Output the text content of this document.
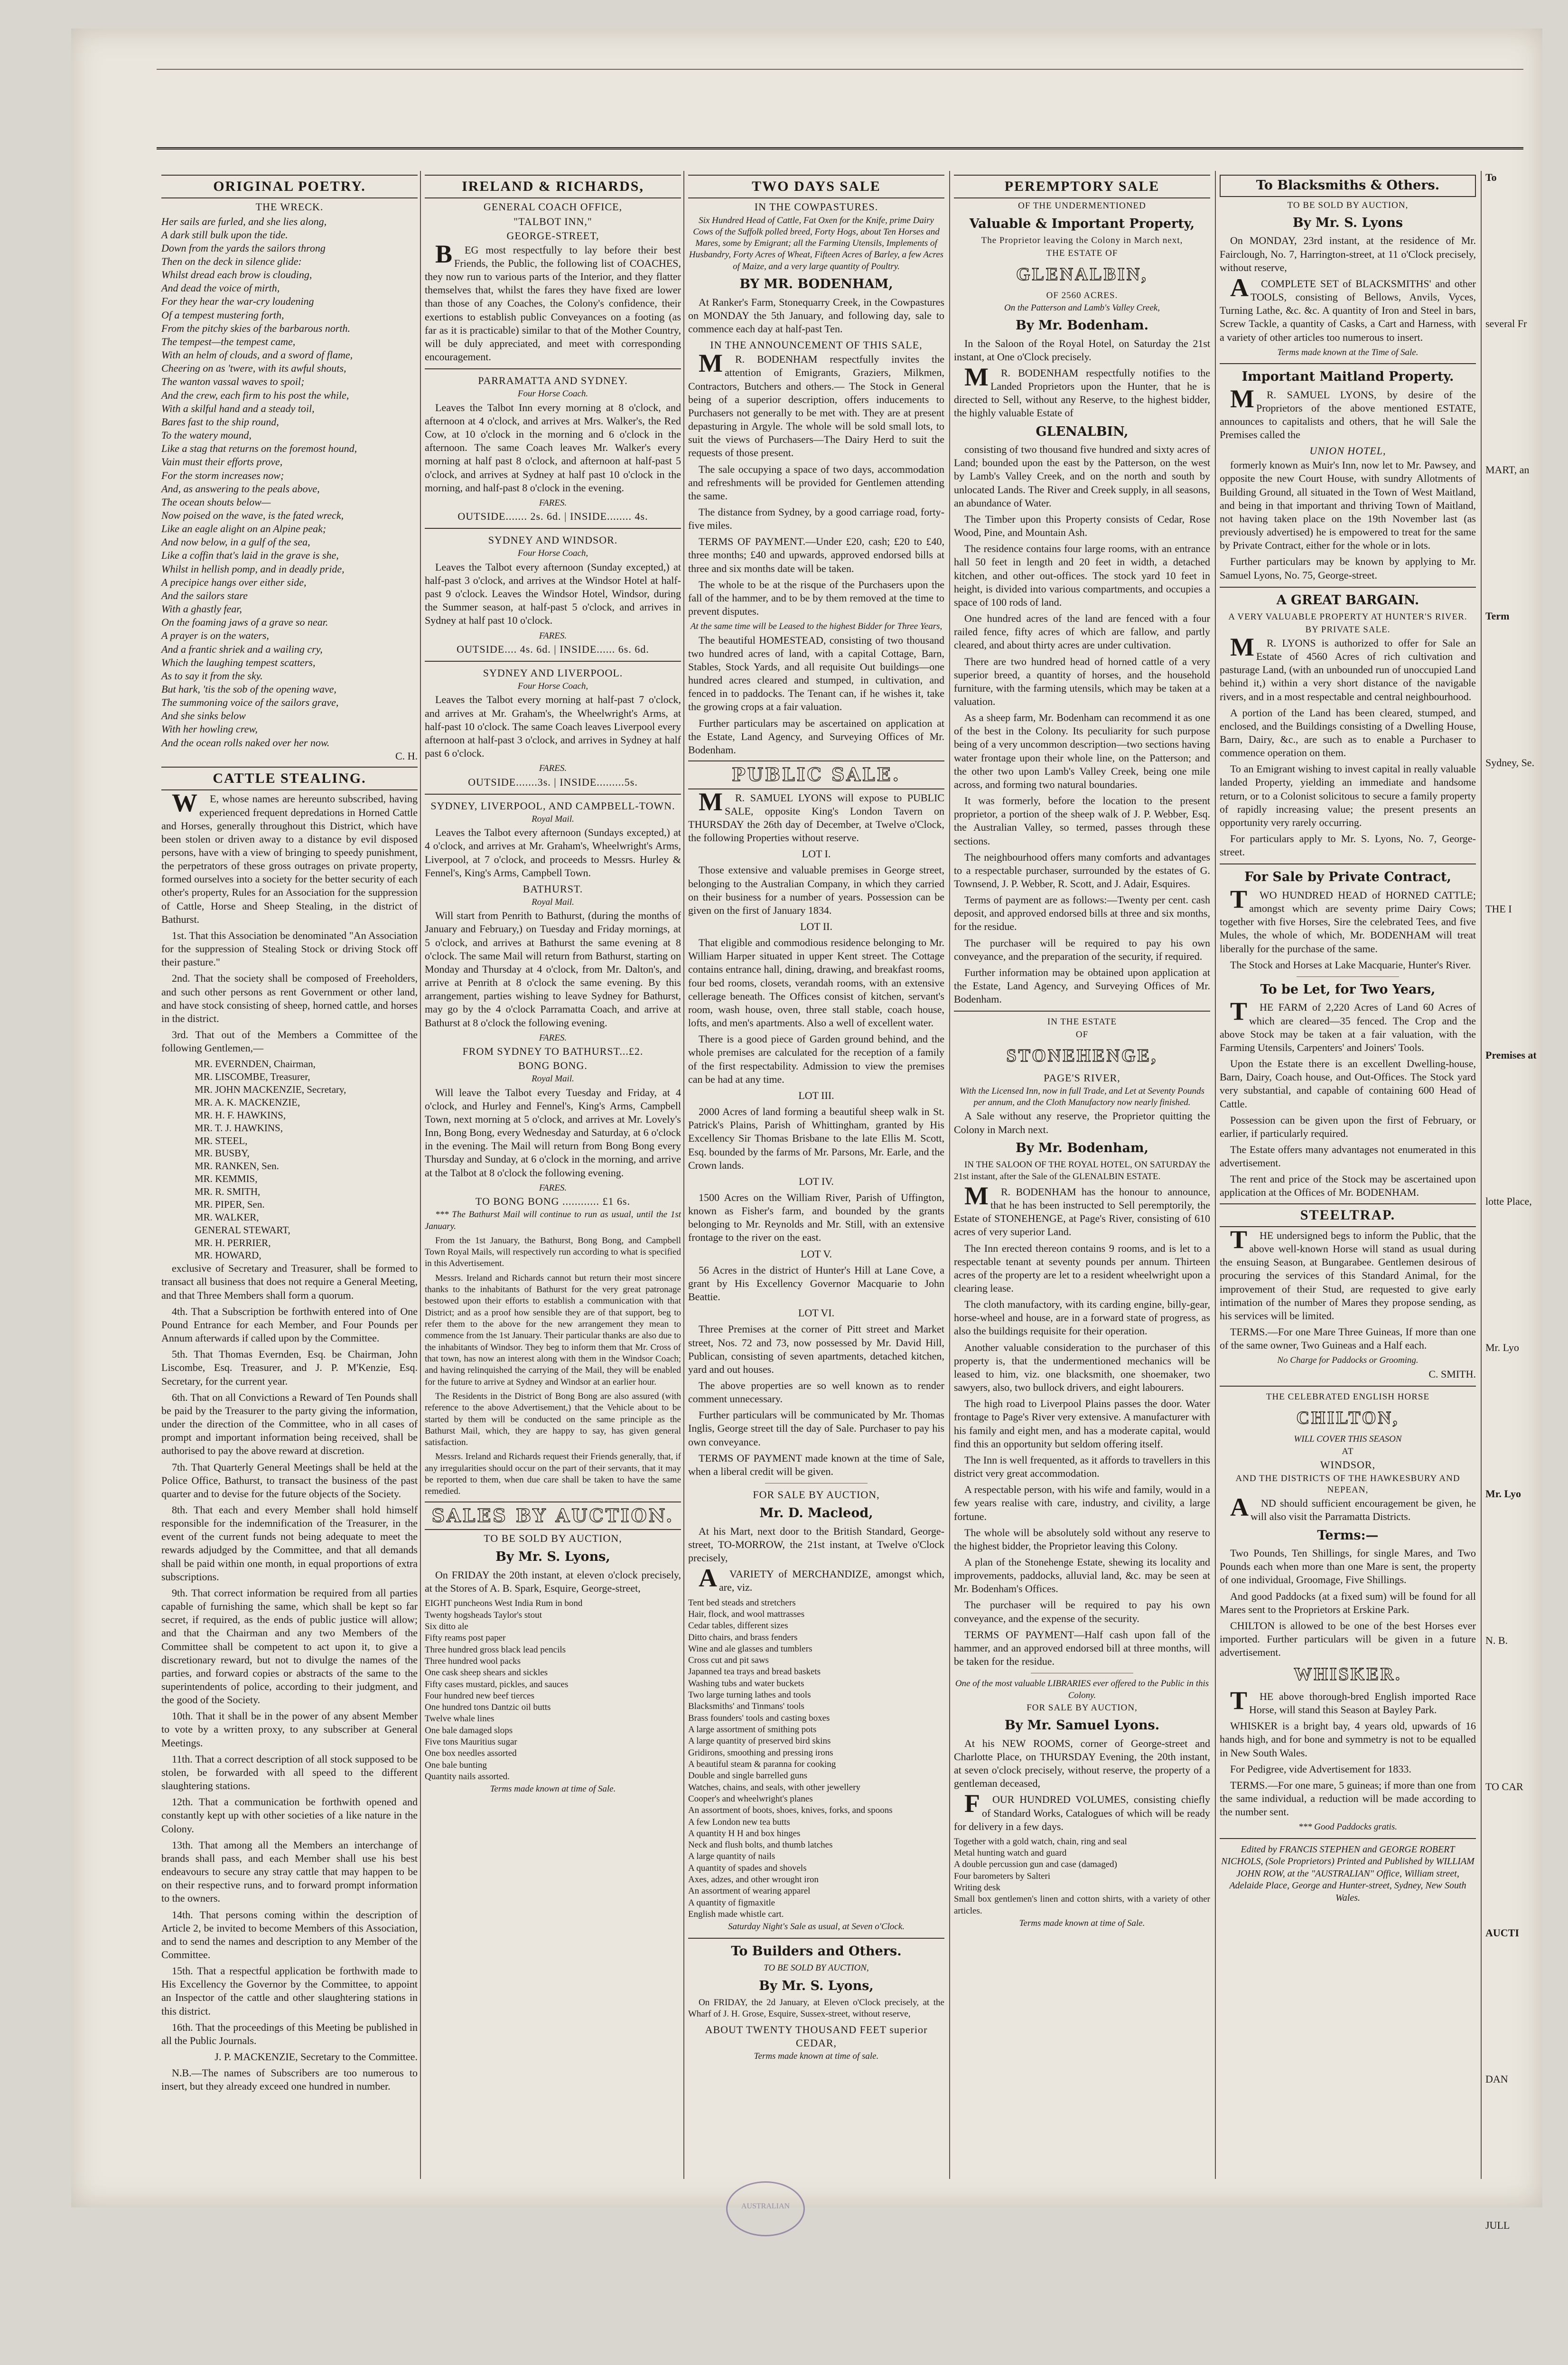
ORIGINAL POETRY.
THE WRECK.
Her sails are furled, and she lies along,
A dark still bulk upon the tide.
Down from the yards the sailors throng
Then on the deck in silence glide:
Whilst dread each brow is clouding,
And dead the voice of mirth,
For they hear the war-cry loudening
Of a tempest mustering forth,
From the pitchy skies of the barbarous north.
The tempest—the tempest came,
With an helm of clouds, and a sword of flame,
Cheering on as 'twere, with its awful shouts,
The wanton vassal waves to spoil;
And the crew, each firm to his post the while,
With a skilful hand and a steady toil,
Bares fast to the ship round,
To the watery mound,
Like a stag that returns on the foremost hound,
Vain must their efforts prove,
For the storm increases now;
And, as answering to the peals above,
The ocean shouts below—
Now poised on the wave, is the fated wreck,
Like an eagle alight on an Alpine peak;
And now below, in a gulf of the sea,
Like a coffin that's laid in the grave is she,
Whilst in hellish pomp, and in deadly pride,
A precipice hangs over either side,
And the sailors stare
With a ghastly fear,
On the foaming jaws of a grave so near.
A prayer is on the waters,
And a frantic shriek and a wailing cry,
Which the laughing tempest scatters,
As to say it from the sky.
But hark, 'tis the sob of the opening wave,
The summoning voice of the sailors grave,
And she sinks below
With her howling crew,
And the ocean rolls naked over her now.
C. H.
CATTLE STEALING.

WE, whose names are hereunto subscribed, having experienced frequent depredations in Horned Cattle and Horses, generally throughout this District, which have been stolen or driven away to a distance by evil disposed persons, have with a view of bringing to speedy punishment, the perpetrators of these gross outrages on private property, formed ourselves into a society for the better security of each other's property, Rules for an Association for the suppression of Cattle, Horse and Sheep Stealing, in the district of Bathurst.

1st. That this Association be denominated "An Association for the suppression of Stealing Stock or driving Stock off their pasture."

2nd. That the society shall be composed of Freeholders, and such other persons as rent Government or other land, and have stock consisting of sheep, horned cattle, and horses in the district.

3rd. That out of the Members a Committee of the following Gentlemen,—

MR. EVERNDEN, Chairman,
MR. LISCOMBE, Treasurer,
MR. JOHN MACKENZIE, Secretary,
MR. A. K. MACKENZIE,
MR. H. F. HAWKINS,
MR. T. J. HAWKINS,
MR. STEEL,
MR. BUSBY,
MR. RANKEN, Sen.
MR. KEMMIS,
MR. R. SMITH,
MR. PIPER, Sen.
MR. WALKER,
GENERAL STEWART,
MR. H. PERRIER,
MR. HOWARD,

exclusive of Secretary and Treasurer, shall be formed to transact all business that does not require a General Meeting, and that Three Members shall form a quorum.

4th. That a Subscription be forthwith entered into of One Pound Entrance for each Member, and Four Pounds per Annum afterwards if called upon by the Committee.

5th. That Thomas Evernden, Esq. be Chairman, John Liscombe, Esq. Treasurer, and J. P. M'Kenzie, Esq. Secretary, for the current year.

6th. That on all Convictions a Reward of Ten Pounds shall be paid by the Treasurer to the party giving the information, under the direction of the Committee, who in all cases of prompt and important information being received, shall be authorised to pay the above reward at discretion.

7th. That Quarterly General Meetings shall be held at the Police Office, Bathurst, to transact the business of the past quarter and to devise for the future objects of the Society.

8th. That each and every Member shall hold himself responsible for the indemnification of the Treasurer, in the event of the current funds not being adequate to meet the rewards adjudged by the Committee, and that all demands shall be paid within one month, in equal proportions of extra subscriptions.

9th. That correct information be required from all parties capable of furnishing the same, which shall be kept so far secret, if required, as the ends of public justice will allow; and that the Chairman and any two Members of the Committee shall be competent to act upon it, to give a discretionary reward, but not to divulge the names of the parties, and forward copies or abstracts of the same to the superintendents of police, according to their judgment, and the good of the Society.

10th. That it shall be in the power of any absent Member to vote by a written proxy, to any subscriber at General Meetings.

11th. That a correct description of all stock supposed to be stolen, be forwarded with all speed to the different slaughtering stations.

12th. That a communication be forthwith opened and constantly kept up with other societies of a like nature in the Colony.

13th. That among all the Members an interchange of brands shall pass, and each Member shall use his best endeavours to secure any stray cattle that may happen to be on their respective runs, and to forward prompt information to the owners.

14th. That persons coming within the description of Article 2, be invited to become Members of this Association, and to send the names and description to any Member of the Committee.

15th. That a respectful application be forthwith made to His Excellency the Governor by the Committee, to appoint an Inspector of the cattle and other slaughtering stations in this district.

16th. That the proceedings of this Meeting be published in all the Public Journals.

J. P. MACKENZIE, Secretary to the Committee.

N.B.—The names of Subscribers are too numerous to insert, but they already exceed one hundred in number.

IRELAND & RICHARDS,
GENERAL COACH OFFICE,
"TALBOT INN,"
GEORGE-STREET,

BEG most respectfully to lay before their best Friends, the Public, the following list of COACHES, they now run to various parts of the Interior, and they flatter themselves that, whilst the fares they have fixed are lower than those of any Coaches, the Colony's confidence, their exertions to establish public Conveyances on a footing (as far as it is practicable) similar to that of the Mother Country, will be duly appreciated, and meet with corresponding encouragement.

PARRAMATTA AND SYDNEY.
Four Horse Coach.

Leaves the Talbot Inn every morning at 8 o'clock, and afternoon at 4 o'clock, and arrives at Mrs. Walker's, the Red Cow, at 10 o'clock in the morning and 6 o'clock in the afternoon. The same Coach leaves Mr. Walker's every morning at half past 8 o'clock, and afternoon at half-past 5 o'clock, and arrives at Sydney at half past 10 o'clock in the morning, and half-past 8 o'clock in the evening.

FARES.
OUTSIDE....... 2s. 6d. | INSIDE........ 4s.
SYDNEY AND WINDSOR.
Four Horse Coach,

Leaves the Talbot every afternoon (Sunday excepted,) at half-past 3 o'clock, and arrives at the Windsor Hotel at half-past 9 o'clock. Leaves the Windsor Hotel, Windsor, during the Summer season, at half-past 5 o'clock, and arrives in Sydney at half past 10 o'clock.

FARES.
OUTSIDE.... 4s. 6d. | INSIDE...... 6s. 6d.
SYDNEY AND LIVERPOOL.
Four Horse Coach,

Leaves the Talbot every morning at half-past 7 o'clock, and arrives at Mr. Graham's, the Wheelwright's Arms, at half-past 10 o'clock. The same Coach leaves Liverpool every afternoon at half-past 3 o'clock, and arrives in Sydney at half past 6 o'clock.

FARES.
OUTSIDE.......3s. | INSIDE.........5s.
SYDNEY, LIVERPOOL, AND CAMPBELL-TOWN.
Royal Mail.

Leaves the Talbot every afternoon (Sundays excepted,) at 4 o'clock, and arrives at Mr. Graham's, Wheelwright's Arms, Liverpool, at 7 o'clock, and proceeds to Messrs. Hurley & Fennel's, King's Arms, Campbell Town.

BATHURST.
Royal Mail.

Will start from Penrith to Bathurst, (during the months of January and February,) on Tuesday and Friday mornings, at 5 o'clock, and arrives at Bathurst the same evening at 8 o'clock. The same Mail will return from Bathurst, starting on Monday and Thursday at 4 o'clock, from Mr. Dalton's, and arrive at Penrith at 8 o'clock the same evening. By this arrangement, parties wishing to leave Sydney for Bathurst, may go by the 4 o'clock Parramatta Coach, and arrive at Bathurst at 8 o'clock the following evening.

FARES.
FROM SYDNEY TO BATHURST...£2.
BONG BONG.
Royal Mail.

Will leave the Talbot every Tuesday and Friday, at 4 o'clock, and Hurley and Fennel's, King's Arms, Campbell Town, next morning at 5 o'clock, and arrives at Mr. Lovely's Inn, Bong Bong, every Wednesday and Saturday, at 6 o'clock in the evening. The Mail will return from Bong Bong every Thursday and Sunday, at 6 o'clock in the morning, and arrive at the Talbot at 8 o'clock the following evening.

FARES.
TO BONG BONG ............ £1 6s.

*** The Bathurst Mail will continue to run as usual, until the 1st January.

From the 1st January, the Bathurst, Bong Bong, and Campbell Town Royal Mails, will respectively run according to what is specified in this Advertisement.

Messrs. Ireland and Richards cannot but return their most sincere thanks to the inhabitants of Bathurst for the very great patronage bestowed upon their efforts to establish a communication with that District; and as a proof how sensible they are of that support, beg to refer them to the above for the new arrangement they mean to commence from the 1st January. Their particular thanks are also due to the inhabitants of Windsor. They beg to inform them that Mr. Cross of that town, has now an interest along with them in the Windsor Coach; and having relinquished the carrying of the Mail, they will be enabled for the future to arrive at Sydney and Windsor at an earlier hour.

The Residents in the District of Bong Bong are also assured (with reference to the above Advertisement,) that the Vehicle about to be started by them will be conducted on the same principle as the Bathurst Mail, which, they are happy to say, has given general satisfaction.

Messrs. Ireland and Richards request their Friends generally, that, if any irregularities should occur on the part of their servants, that it may be reported to them, when due care shall be taken to have the same remedied.

SALES BY AUCTION.
TO BE SOLD BY AUCTION,
By Mr. S. Lyons,

On FRIDAY the 20th instant, at eleven o'clock precisely, at the Stores of A. B. Spark, Esquire, George-street,

EIGHT puncheons West India Rum in bond
Twenty hogsheads Taylor's stout
Six ditto ale
Fifty reams post paper
Three hundred gross black lead pencils
Three hundred wool packs
One cask sheep shears and sickles
Fifty cases mustard, pickles, and sauces
Four hundred new beef tierces
One hundred tons Dantzic oil butts
Twelve whale lines
One bale damaged slops
Five tons Mauritius sugar
One box needles assorted
One bale bunting
Quantity nails assorted.
Terms made known at time of Sale.
TWO DAYS SALE
IN THE COWPASTURES.

Six Hundred Head of Cattle, Fat Oxen for the Knife, prime Dairy Cows of the Suffolk polled breed, Forty Hogs, about Ten Horses and Mares, some by Emigrant; all the Farming Utensils, Implements of Husbandry, Forty Acres of Wheat, Fifteen Acres of Barley, a few Acres of Maize, and a very large quantity of Poultry.

BY MR. BODENHAM,

At Ranker's Farm, Stonequarry Creek, in the Cowpastures on MONDAY the 5th January, and following day, sale to commence each day at half-past Ten.

IN THE ANNOUNCEMENT OF THIS SALE,

MR. BODENHAM respectfully invites the attention of Emigrants, Graziers, Milkmen, Contractors, Butchers and others.— The Stock in General being of a superior description, offers inducements to Purchasers not generally to be met with. They are at present depasturing in Argyle. The whole will be sold small lots, to suit the views of Purchasers—The Dairy Herd to suit the requests of those present.

The sale occupying a space of two days, accommodation and refreshments will be provided for Gentlemen attending the same.

The distance from Sydney, by a good carriage road, forty-five miles.

TERMS OF PAYMENT.—Under £20, cash; £20 to £40, three months; £40 and upwards, approved endorsed bills at three and six months date will be taken.

The whole to be at the risque of the Purchasers upon the fall of the hammer, and to be by them removed at the time to prevent disputes.

At the same time will be Leased to the highest Bidder for Three Years,

The beautiful HOMESTEAD, consisting of two thousand two hundred acres of land, with a capital Cottage, Barn, Stables, Stock Yards, and all requisite Out buildings—one hundred acres cleared and stumped, in cultivation, and fenced in to paddocks. The Tenant can, if he wishes it, take the growing crops at a fair valuation.

Further particulars may be ascertained on application at the Estate, Land Agency, and Surveying Offices of Mr. Bodenham.

PUBLIC SALE.

MR. SAMUEL LYONS will expose to PUBLIC SALE, opposite King's London Tavern on THURSDAY the 26th day of December, at Twelve o'Clock, the following Properties without reserve.

LOT I.

Those extensive and valuable premises in George street, belonging to the Australian Company, in which they carried on their business for a number of years. Possession can be given on the first of January 1834.

LOT II.

That eligible and commodious residence belonging to Mr. William Harper situated in upper Kent street. The Cottage contains entrance hall, dining, drawing, and breakfast rooms, four bed rooms, closets, verandah rooms, with an extensive cellerage beneath. The Offices consist of kitchen, servant's room, wash house, oven, three stall stable, coach house, lofts, and men's apartments. Also a well of excellent water.

There is a good piece of Garden ground behind, and the whole premises are calculated for the reception of a family of the first respectability. Admission to view the premises can be had at any time.

LOT III.

2000 Acres of land forming a beautiful sheep walk in St. Patrick's Plains, Parish of Whittingham, granted by His Excellency Sir Thomas Brisbane to the late Ellis M. Scott, Esq. bounded by the farms of Mr. Parsons, Mr. Earle, and the Crown lands.

LOT IV.

1500 Acres on the William River, Parish of Uffington, known as Fisher's farm, and bounded by the grants belonging to Mr. Reynolds and Mr. Still, with an extensive frontage to the river on the east.

LOT V.

56 Acres in the district of Hunter's Hill at Lane Cove, a grant by His Excellency Governor Macquarie to John Beattie.

LOT VI.

Three Premises at the corner of Pitt street and Market street, Nos. 72 and 73, now possessed by Mr. David Hill, Publican, consisting of seven apartments, detached kitchen, yard and out houses.

The above properties are so well known as to render comment unnecessary.

Further particulars will be communicated by Mr. Thomas Inglis, George street till the day of Sale. Purchaser to pay his own conveyance.

TERMS OF PAYMENT made known at the time of Sale, when a liberal credit will be given.

FOR SALE BY AUCTION,
Mr. D. Macleod,

At his Mart, next door to the British Standard, George-street, TO-MORROW, the 21st instant, at Twelve o'Clock precisely,

AVARIETY of MERCHANDIZE, amongst which, are, viz.

Tent bed steads and stretchers
Hair, flock, and wool mattrasses
Cedar tables, different sizes
Ditto chairs, and brass fenders
Wine and ale glasses and tumblers
Cross cut and pit saws
Japanned tea trays and bread baskets
Washing tubs and water buckets
Two large turning lathes and tools
Blacksmiths' and Tinmans' tools
Brass founders' tools and casting boxes
A large assortment of smithing pots
A large quantity of preserved bird skins
Gridirons, smoothing and pressing irons
A beautiful steam & paranna for cooking
Double and single barrelled guns
Watches, chains, and seals, with other jewellery
Cooper's and wheelwright's planes
An assortment of boots, shoes, knives, forks, and spoons
A few London new tea butts
A quantity H H and box hinges
Neck and flush bolts, and thumb latches
A large quantity of nails
A quantity of spades and shovels
Axes, adzes, and other wrought iron
An assortment of wearing apparel
A quantity of figmaxitle
English made whistle cart.
Saturday Night's Sale as usual, at Seven o'Clock.
To Builders and Others.
TO BE SOLD BY AUCTION,
By Mr. S. Lyons,

On FRIDAY, the 2d January, at Eleven o'Clock precisely, at the Wharf of J. H. Grose, Esquire, Sussex-street, without reserve,

ABOUT TWENTY THOUSAND FEET superior CEDAR,
Terms made known at time of sale.
PEREMPTORY SALE
OF THE UNDERMENTIONED
Valuable & Important Property,
The Proprietor leaving the Colony in March next,
THE ESTATE OF
GLENALBIN,
OF 2560 ACRES.
On the Patterson and Lamb's Valley Creek,
By Mr. Bodenham.

In the Saloon of the Royal Hotel, on Saturday the 21st instant, at One o'Clock precisely.

MR. BODENHAM respectfully notifies to the Landed Proprietors upon the Hunter, that he is directed to Sell, without any Reserve, to the highest bidder, the highly valuable Estate of

GLENALBIN,

consisting of two thousand five hundred and sixty acres of Land; bounded upon the east by the Patterson, on the west by Lamb's Valley Creek, and on the north and south by unlocated Lands. The River and Creek supply, in all seasons, an abundance of Water.

The Timber upon this Property consists of Cedar, Rose Wood, Pine, and Mountain Ash.

The residence contains four large rooms, with an entrance hall 50 feet in length and 20 feet in width, a detached kitchen, and other out-offices. The stock yard 10 feet in height, is divided into various compartments, and occupies a space of 100 rods of land.

One hundred acres of the land are fenced with a four railed fence, fifty acres of which are fallow, and partly cleared, and about thirty acres are under cultivation.

There are two hundred head of horned cattle of a very superior breed, a quantity of horses, and the household furniture, with the farming utensils, which may be taken at a valuation.

As a sheep farm, Mr. Bodenham can recommend it as one of the best in the Colony. Its peculiarity for such purpose being of a very uncommon description—two sections having water frontage upon their whole line, on the Patterson; and the other two upon Lamb's Valley Creek, being one mile across, and forming two natural boundaries.

It was formerly, before the location to the present proprietor, a portion of the sheep walk of J. P. Webber, Esq. the Australian Valley, so termed, passes through these sections.

The neighbourhood offers many comforts and advantages to a respectable purchaser, surrounded by the estates of G. Townsend, J. P. Webber, R. Scott, and J. Adair, Esquires.

Terms of payment are as follows:—Twenty per cent. cash deposit, and approved endorsed bills at three and six months, for the residue.

The purchaser will be required to pay his own conveyance, and the preparation of the security, if required.

Further information may be obtained upon application at the Estate, Land Agency, and Surveying Offices of Mr. Bodenham.

IN THE ESTATE
OF
STONEHENGE,
PAGE'S RIVER,
With the Licensed Inn, now in full Trade, and Let at Seventy Pounds per annum, and the Cloth Manufactory now nearly finished.

A Sale without any reserve, the Proprietor quitting the Colony in March next.

By Mr. Bodenham,

IN THE SALOON OF THE ROYAL HOTEL, ON SATURDAY the 21st instant, after the Sale of the GLENALBIN ESTATE.

MR. BODENHAM has the honour to announce, that he has been instructed to Sell peremptorily, the Estate of STONEHENGE, at Page's River, consisting of 610 acres of very superior Land.

The Inn erected thereon contains 9 rooms, and is let to a respectable tenant at seventy pounds per annum. Thirteen acres of the property are let to a resident wheelwright upon a clearing lease.

The cloth manufactory, with its carding engine, billy-gear, horse-wheel and house, are in a forward state of progress, as also the buildings requisite for their operation.

Another valuable consideration to the purchaser of this property is, that the undermentioned mechanics will be leased to him, viz. one blacksmith, one shoemaker, two sawyers, also, two bullock drivers, and eight labourers.

The high road to Liverpool Plains passes the door. Water frontage to Page's River very extensive. A manufacturer with his family and eight men, and has a moderate capital, would find this an opportunity but seldom offering itself.

The Inn is well frequented, as it affords to travellers in this district very great accommodation.

A respectable person, with his wife and family, would in a few years realise with care, industry, and civility, a large fortune.

The whole will be absolutely sold without any reserve to the highest bidder, the Proprietor leaving this Colony.

A plan of the Stonehenge Estate, shewing its locality and improvements, paddocks, alluvial land, &c. may be seen at Mr. Bodenham's Offices.

The purchaser will be required to pay his own conveyance, and the expense of the security.

TERMS OF PAYMENT—Half cash upon fall of the hammer, and an approved endorsed bill at three months, will be taken for the residue.

One of the most valuable LIBRARIES ever offered to the Public in this Colony.
FOR SALE BY AUCTION,
By Mr. Samuel Lyons.

At his NEW ROOMS, corner of George-street and Charlotte Place, on THURSDAY Evening, the 20th instant, at seven o'clock precisely, without reserve, the property of a gentleman deceased,

FOUR HUNDRED VOLUMES, consisting chiefly of Standard Works, Catalogues of which will be ready for delivery in a few days.

Together with a gold watch, chain, ring and seal
Metal hunting watch and guard
A double percussion gun and case (damaged)
Four barometers by Salteri
Writing desk
Small box gentlemen's linen and cotton shirts, with a variety of other articles.
Terms made known at time of Sale.
To Blacksmiths & Others.
TO BE SOLD BY AUCTION,
By Mr. S. Lyons

On MONDAY, 23rd instant, at the residence of Mr. Fairclough, No. 7, Harrington-street, at 11 o'Clock precisely, without reserve,

ACOMPLETE SET of BLACKSMITHS' and other TOOLS, consisting of Bellows, Anvils, Vyces, Turning Lathe, &c. &c. A quantity of Iron and Steel in bars, Screw Tackle, a quantity of Casks, a Cart and Harness, with a variety of other articles too numerous to insert.

Terms made known at the Time of Sale.
Important Maitland Property.

MR. SAMUEL LYONS, by desire of the Proprietors of the above mentioned ESTATE, announces to capitalists and others, that he will Sale the Premises called the

UNION HOTEL,

formerly known as Muir's Inn, now let to Mr. Pawsey, and opposite the new Court House, with sundry Allotments of Building Ground, all situated in the Town of West Maitland, and being in that important and thriving Town of Maitland, not having taken place on the 19th November last (as previously advertised) he is empowered to treat for the same by Private Contract, either for the whole or in lots.

Further particulars may be known by applying to Mr. Samuel Lyons, No. 75, George-street.

A GREAT BARGAIN.
A VERY VALUABLE PROPERTY AT HUNTER'S RIVER.
BY PRIVATE SALE.

MR. LYONS is authorized to offer for Sale an Estate of 4560 Acres of rich cultivation and pasturage Land, (with an unbounded run of unoccupied Land behind it,) within a very short distance of the navigable rivers, and in a most respectable and central neighbourhood.

A portion of the Land has been cleared, stumped, and enclosed, and the Buildings consisting of a Dwelling House, Barn, Dairy, &c., are such as to enable a Purchaser to commence operation on them.

To an Emigrant wishing to invest capital in really valuable landed Property, yielding an immediate and handsome return, or to a Colonist solicitous to secure a family property of rapidly increasing value; the present presents an opportunity very rarely occurring.

For particulars apply to Mr. S. Lyons, No. 7, George-street.

For Sale by Private Contract,

TWO HUNDRED HEAD of HORNED CATTLE; amongst which are seventy prime Dairy Cows; together with five Horses, Sire the celebrated Tees, and five Mules, the whole of which, Mr. BODENHAM will treat liberally for the purchase of the same.

The Stock and Horses at Lake Macquarie, Hunter's River.

To be Let, for Two Years,

THE FARM of 2,220 Acres of Land 60 Acres of which are cleared—35 fenced. The Crop and the above Stock may be taken at a fair valuation, with the Farming Utensils, Carpenters' and Joiners' Tools.

Upon the Estate there is an excellent Dwelling-house, Barn, Dairy, Coach house, and Out-Offices. The Stock yard very substantial, and capable of containing 600 Head of Cattle.

Possession can be given upon the first of February, or earlier, if particularly required.

The Estate offers many advantages not enumerated in this advertisement.

The rent and price of the Stock may be ascertained upon application at the Offices of Mr. BODENHAM.

STEELTRAP.

THE undersigned begs to inform the Public, that the above well-known Horse will stand as usual during the ensuing Season, at Bungarabee. Gentlemen desirous of procuring the services of this Standard Animal, for the improvement of their Stud, are requested to give early intimation of the number of Mares they propose sending, as his services will be limited.

TERMS.—For one Mare Three Guineas, If more than one of the same owner, Two Guineas and a Half each.

No Charge for Paddocks or Grooming.
C. SMITH.
THE CELEBRATED ENGLISH HORSE
CHILTON,
WILL COVER THIS SEASON
AT
WINDSOR,
AND THE DISTRICTS OF THE HAWKESBURY AND NEPEAN,

AND should sufficient encouragement be given, he will also visit the Parramatta Districts.

Terms:—

Two Pounds, Ten Shillings, for single Mares, and Two Pounds each when more than one Mare is sent, the property of one individual, Groomage, Five Shillings.

And good Paddocks (at a fixed sum) will be found for all Mares sent to the Proprietors at Erskine Park.

CHILTON is allowed to be one of the best Horses ever imported. Further particulars will be given in a future advertisement.

WHISKER.

THE above thorough-bred English imported Race Horse, will stand this Season at Bayley Park.

WHISKER is a bright bay, 4 years old, upwards of 16 hands high, and for bone and symmetry is not to be equalled in New South Wales.

For Pedigree, vide Advertisement for 1833.

TERMS.—For one mare, 5 guineas; if more than one from the same individual, a reduction will be made according to the number sent.

*** Good Paddocks gratis.
Edited by FRANCIS STEPHEN and GEORGE ROBERT NICHOLS, (Sole Proprietors) Printed and Published by WILLIAM JOHN ROW, at the "AUSTRALIAN" Office, William street, Adelaide Place, George and Hunter-street, Sydney, New South Wales.
To
several Fr
MART, an
Term
Sydney, Se.
THE I
Premises at
lotte Place,
Mr. Lyo
Mr. Lyo
N. B.
TO CAR
AUCTI
DAN
JULL
AUSTRALIAN
